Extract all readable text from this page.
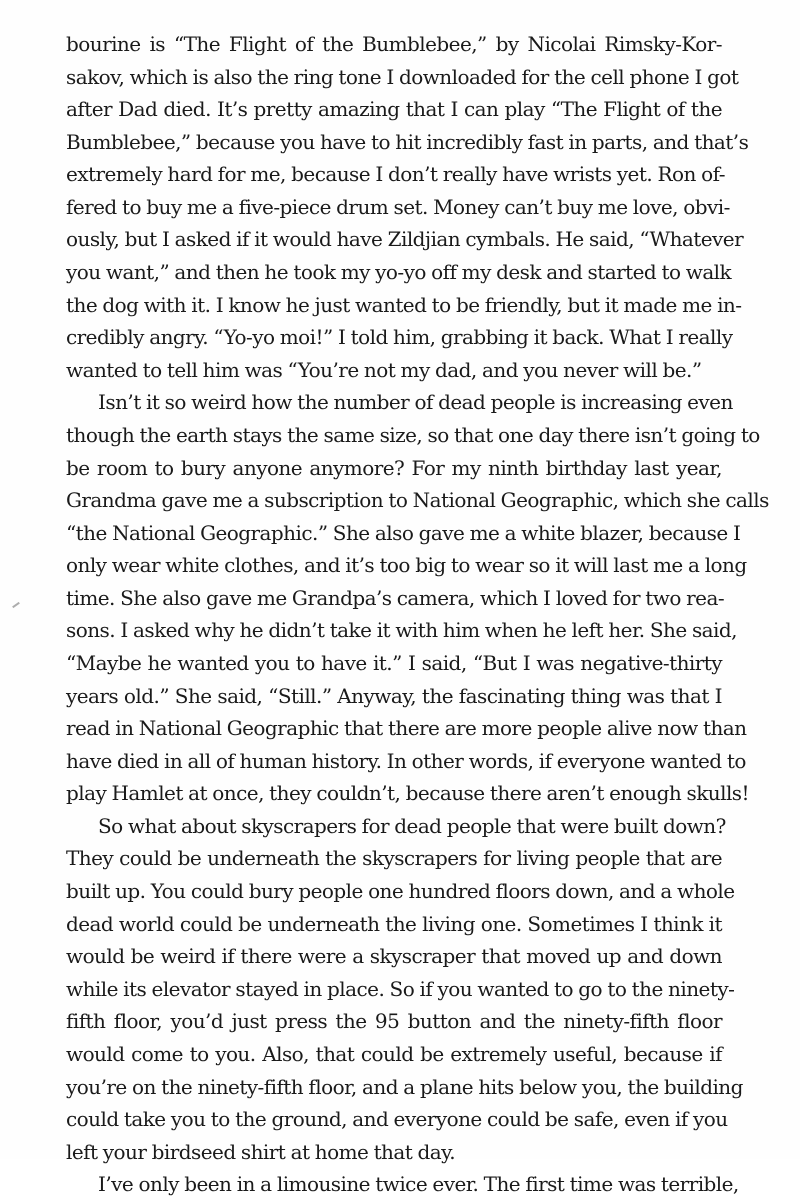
bourine is “The Flight of the Bumblebee,” by Nicolai Rimsky-Kor-
sakov, which is also the ring tone I downloaded for the cell phone I got
after Dad died. It’s pretty amazing that I can play “The Flight of the
Bumblebee,” because you have to hit incredibly fast in parts, and that’s
extremely hard for me, because I don’t really have wrists yet. Ron of-
fered to buy me a five-piece drum set. Money can’t buy me love, obvi-
ously, but I asked if it would have Zildjian cymbals. He said, “Whatever
you want,” and then he took my yo-yo off my desk and started to walk
the dog with it. I know he just wanted to be friendly, but it made me in-
credibly angry. “Yo-yo moi!” I told him, grabbing it back. What I really
wanted to tell him was “You’re not my dad, and you never will be.”
Isn’t it so weird how the number of dead people is increasing even
though the earth stays the same size, so that one day there isn’t going to
be room to bury anyone anymore? For my ninth birthday last year,
Grandma gave me a subscription to National Geographic, which she calls
“the National Geographic.” She also gave me a white blazer, because I
only wear white clothes, and it’s too big to wear so it will last me a long
time. She also gave me Grandpa’s camera, which I loved for two rea-
sons. I asked why he didn’t take it with him when he left her. She said,
“Maybe he wanted you to have it.” I said, “But I was negative-thirty
years old.” She said, “Still.” Anyway, the fascinating thing was that I
read in National Geographic that there are more people alive now than
have died in all of human history. In other words, if everyone wanted to
play Hamlet at once, they couldn’t, because there aren’t enough skulls!
So what about skyscrapers for dead people that were built down?
They could be underneath the skyscrapers for living people that are
built up. You could bury people one hundred floors down, and a whole
dead world could be underneath the living one. Sometimes I think it
would be weird if there were a skyscraper that moved up and down
while its elevator stayed in place. So if you wanted to go to the ninety-
fifth floor, you’d just press the 95 button and the ninety-fifth floor
would come to you. Also, that could be extremely useful, because if
you’re on the ninety-fifth floor, and a plane hits below you, the building
could take you to the ground, and everyone could be safe, even if you
left your birdseed shirt at home that day.
I’ve only been in a limousine twice ever. The first time was terrible,
